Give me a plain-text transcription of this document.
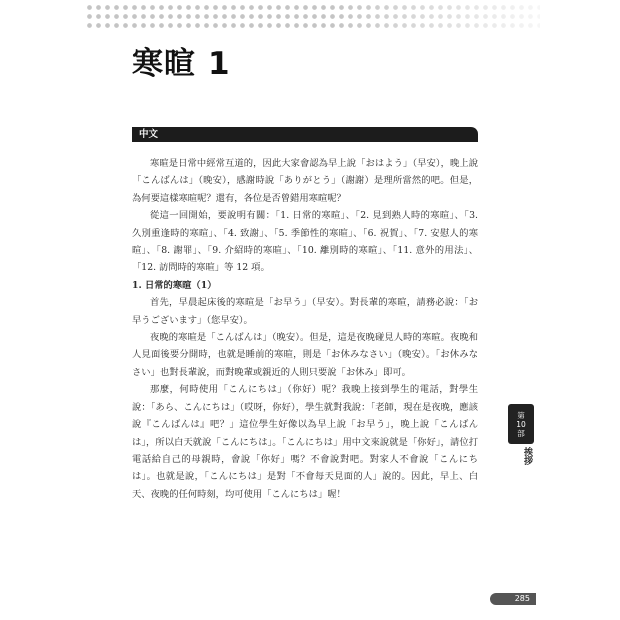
寒暄 1
中文

寒暄是日常中經常互道的，因此大家會認為早上說「おはよう」（早安），晚上說「こんばんは」（晚安），感謝時說「ありがとう」（謝謝）是理所當然的吧。但是，為何要這樣寒暄呢？還有，各位是否曾錯用寒暄呢？

從這一回開始，要說明有關：「1. 日常的寒暄」、「2. 見到熟人時的寒暄」、「3. 久別重逢時的寒暄」、「4. 致謝」、「5. 季節性的寒暄」、「6. 祝賀」、「7. 安慰人的寒暄」、「8. 謝罪」、「9. 介紹時的寒暄」、「10. 離別時的寒暄」、「11. 意外的用法」、「12. 訪問時的寒暄」等 12 項。

1. 日常的寒暄（1）

首先，早晨起床後的寒暄是「お早う」（早安）。對長輩的寒暄，請務必說：「お早うございます」（您早安）。

夜晚的寒暄是「こんばんは」（晚安）。但是，這是夜晚碰見人時的寒暄。夜晚和人見面後要分開時，也就是睡前的寒暄，則是「お休みなさい」（晚安）。「お休みなさい」也對長輩說，而對晚輩或親近的人則只要說「お休み」即可。

那麼，何時使用「こんにちは」（你好）呢？我晚上接到學生的電話，對學生說：「あら、こんにちは」（哎呀，你好），學生就對我說：「老師，現在是夜晚，應該說『こんばんは』吧？」這位學生好像以為早上說「お早う」，晚上說「こんばんは」，所以白天就說「こんにちは」。「こんにちは」用中文來說就是「你好」，請位打電話給自己的母親時，會說「你好」嗎？不會說對吧。對家人不會說「こんにちは」。也就是說，「こんにちは」是對「不會每天見面的人」說的。因此，早上、白天、夜晚的任何時刻，均可使用「こんにちは」喔！

第
10
部
挨拶
285
